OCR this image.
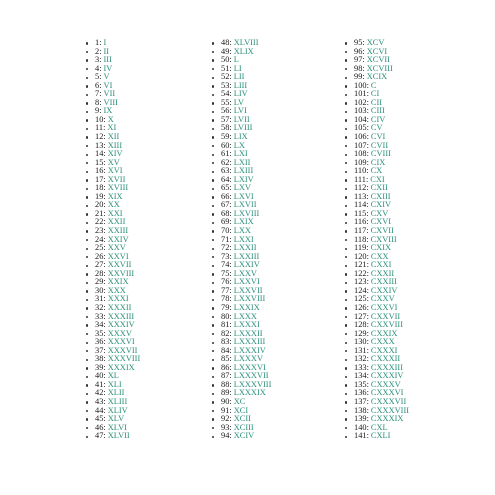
1: I
2: II
3: III
4: IV
5: V
6: VI
7: VII
8: VIII
9: IX
10: X
11: XI
12: XII
13: XIII
14: XIV
15: XV
16: XVI
17: XVII
18: XVIII
19: XIX
20: XX
21: XXI
22: XXII
23: XXIII
24: XXIV
25: XXV
26: XXVI
27: XXVII
28: XXVIII
29: XXIX
30: XXX
31: XXXI
32: XXXII
33: XXXIII
34: XXXIV
35: XXXV
36: XXXVI
37: XXXVII
38: XXXVIII
39: XXXIX
40: XL
41: XLI
42: XLII
43: XLIII
44: XLIV
45: XLV
46: XLVI
47: XLVII
48: XLVIII
49: XLIX
50: L
51: LI
52: LII
53: LIII
54: LIV
55: LV
56: LVI
57: LVII
58: LVIII
59: LIX
60: LX
61: LXI
62: LXII
63: LXIII
64: LXIV
65: LXV
66: LXVI
67: LXVII
68: LXVIII
69: LXIX
70: LXX
71: LXXI
72: LXXII
73: LXXIII
74: LXXIV
75: LXXV
76: LXXVI
77: LXXVII
78: LXXVIII
79: LXXIX
80: LXXX
81: LXXXI
82: LXXXII
83: LXXXIII
84: LXXXIV
85: LXXXV
86: LXXXVI
87: LXXXVII
88: LXXXVIII
89: LXXXIX
90: XC
91: XCI
92: XCII
93: XCIII
94: XCIV
95: XCV
96: XCVI
97: XCVII
98: XCVIII
99: XCIX
100: C
101: CI
102: CII
103: CIII
104: CIV
105: CV
106: CVI
107: CVII
108: CVIII
109: CIX
110: CX
111: CXI
112: CXII
113: CXIII
114: CXIV
115: CXV
116: CXVI
117: CXVII
118: CXVIII
119: CXIX
120: CXX
121: CXXI
122: CXXII
123: CXXIII
124: CXXIV
125: CXXV
126: CXXVI
127: CXXVII
128: CXXVIII
129: CXXIX
130: CXXX
131: CXXXI
132: CXXXII
133: CXXXIII
134: CXXXIV
135: CXXXV
136: CXXXVI
137: CXXXVII
138: CXXXVIII
139: CXXXIX
140: CXL
141: CXLI
